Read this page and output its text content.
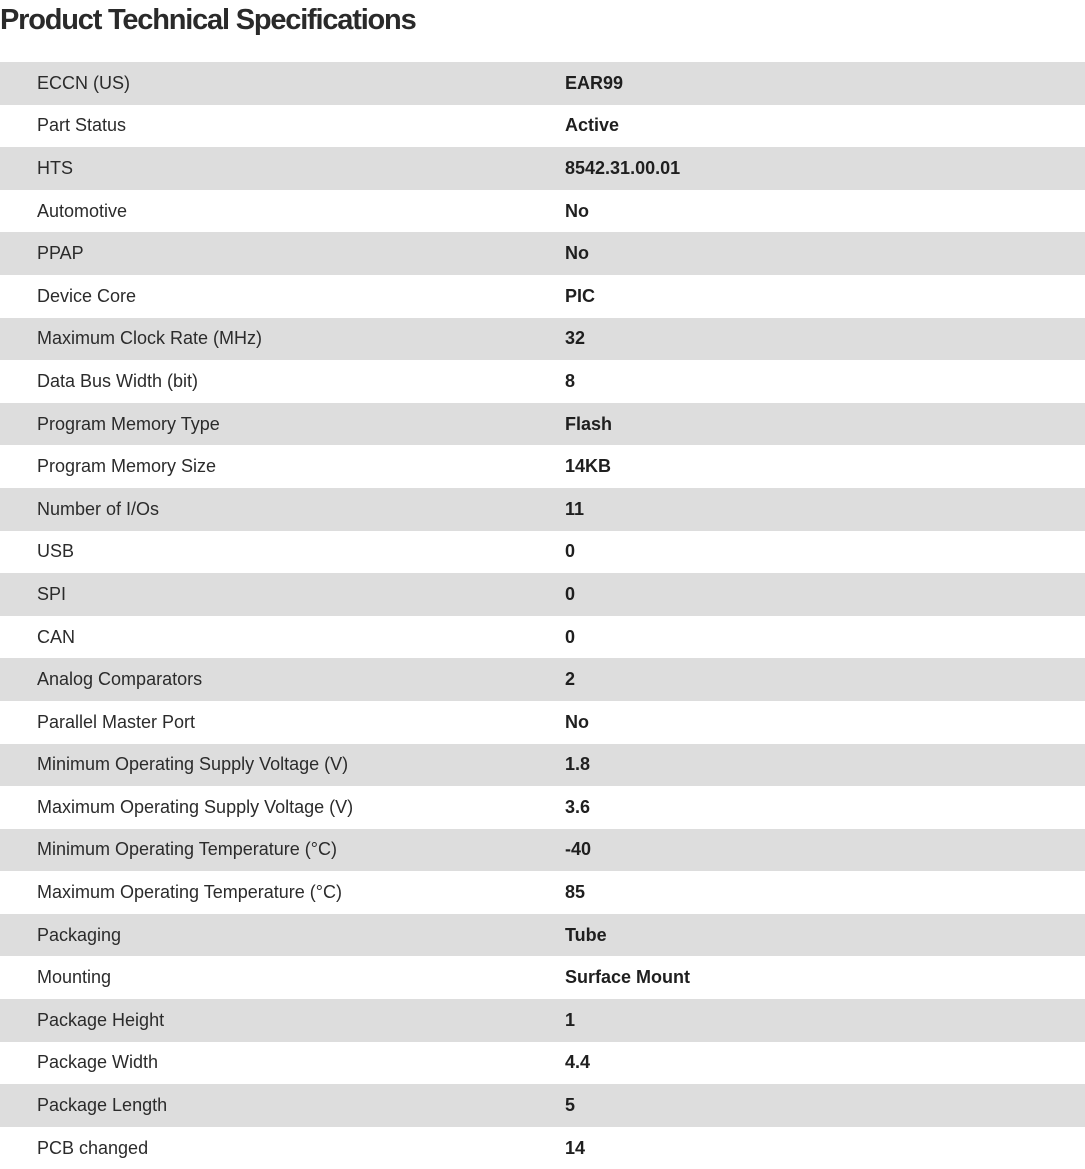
Product Technical Specifications
ECCN (US)	EAR99
Part Status	Active
HTS	8542.31.00.01
Automotive	No
PPAP	No
Device Core	PIC
Maximum Clock Rate (MHz)	32
Data Bus Width (bit)	8
Program Memory Type	Flash
Program Memory Size	14KB
Number of I/Os	11
USB	0
SPI	0
CAN	0
Analog Comparators	2
Parallel Master Port	No
Minimum Operating Supply Voltage (V)	1.8
Maximum Operating Supply Voltage (V)	3.6
Minimum Operating Temperature (°C)	-40
Maximum Operating Temperature (°C)	85
Packaging	Tube
Mounting	Surface Mount
Package Height	1
Package Width	4.4
Package Length	5
PCB changed	14
